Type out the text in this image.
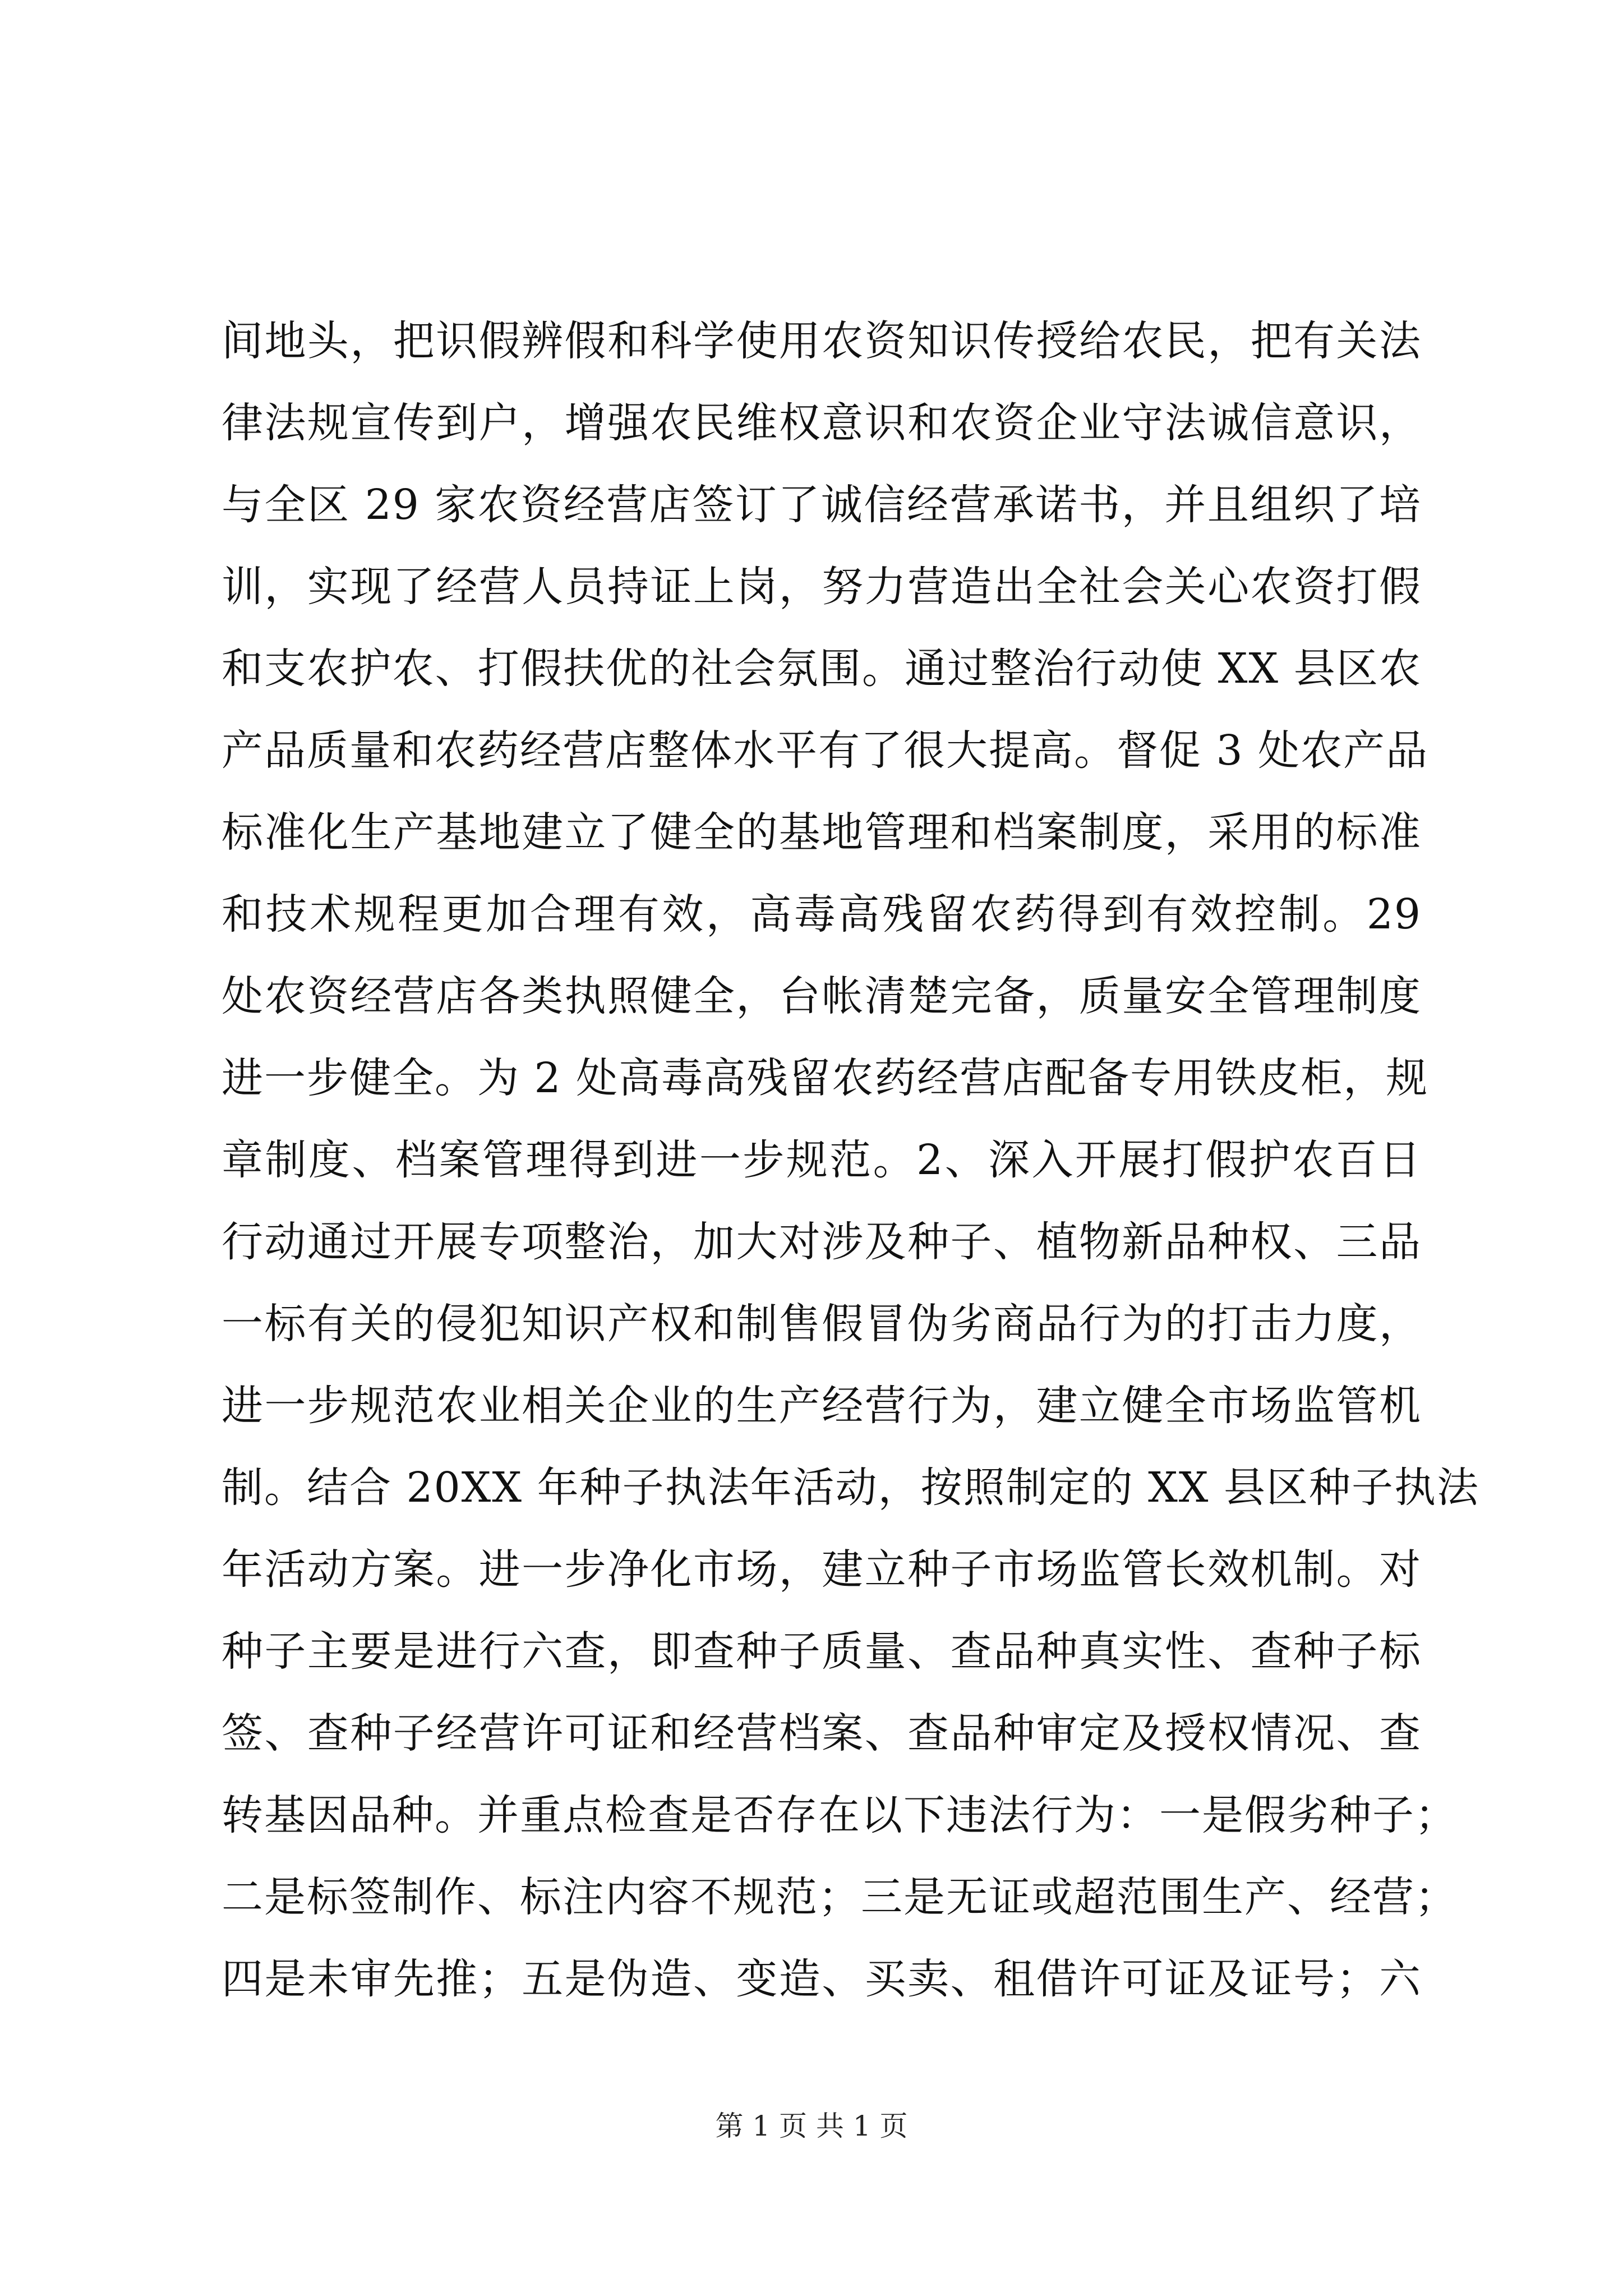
间地头，把识假辨假和科学使用农资知识传授给农民，把有关法
律法规宣传到户，增强农民维权意识和农资企业守法诚信意识，
与全区 29 家农资经营店签订了诚信经营承诺书，并且组织了培
训，实现了经营人员持证上岗，努力营造出全社会关心农资打假
和支农护农、打假扶优的社会氛围。通过整治行动使 XX 县区农
产品质量和农药经营店整体水平有了很大提高。督促 3 处农产品
标准化生产基地建立了健全的基地管理和档案制度，采用的标准
和技术规程更加合理有效，高毒高残留农药得到有效控制。29
处农资经营店各类执照健全，台帐清楚完备，质量安全管理制度
进一步健全。为 2 处高毒高残留农药经营店配备专用铁皮柜，规
章制度、档案管理得到进一步规范。2、深入开展打假护农百日
行动通过开展专项整治，加大对涉及种子、植物新品种权、三品
一标有关的侵犯知识产权和制售假冒伪劣商品行为的打击力度，
进一步规范农业相关企业的生产经营行为，建立健全市场监管机
制。结合 20XX 年种子执法年活动，按照制定的 XX 县区种子执法
年活动方案。进一步净化市场，建立种子市场监管长效机制。对
种子主要是进行六查，即查种子质量、查品种真实性、查种子标
签、查种子经营许可证和经营档案、查品种审定及授权情况、查
转基因品种。并重点检查是否存在以下违法行为：一是假劣种子；
二是标签制作、标注内容不规范；三是无证或超范围生产、经营；
四是未审先推；五是伪造、变造、买卖、租借许可证及证号；六
第 1 页 共 1 页
